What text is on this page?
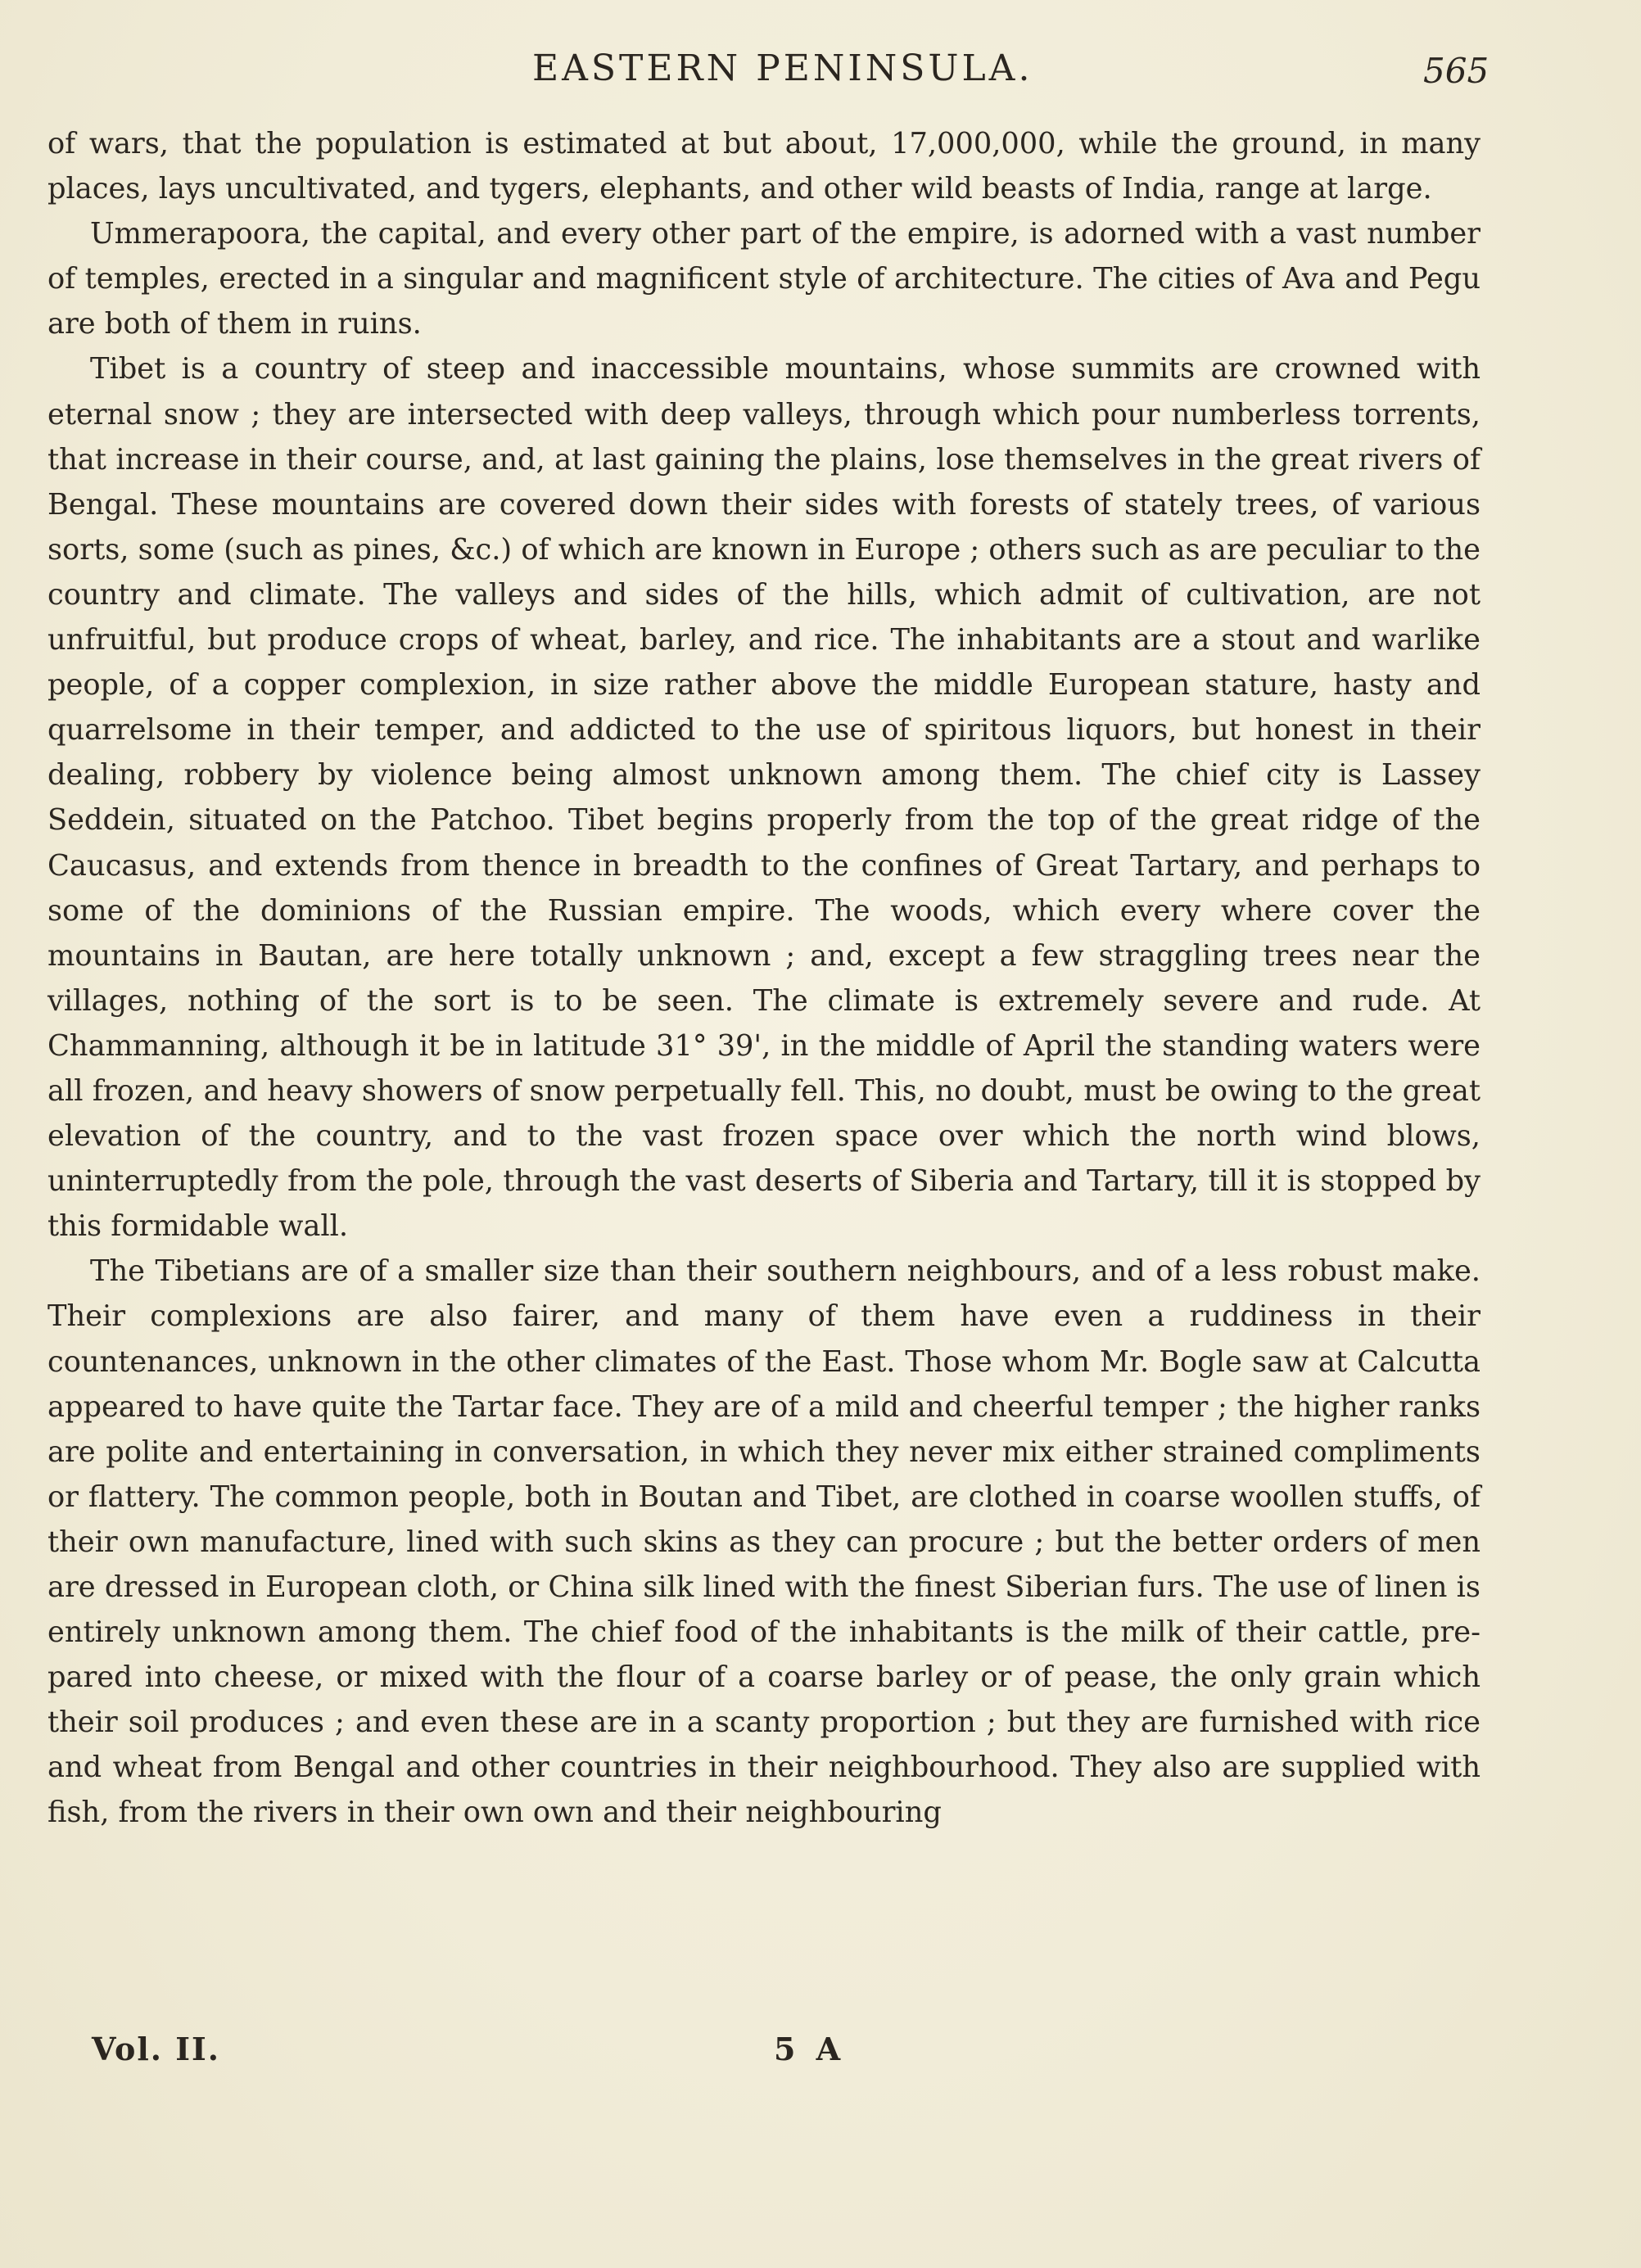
EASTERN PENINSULA.	565

of wars, that the population is estimated at but about, 17,000,000, while the ground, in many places, lays uncultivated, and tygers, elephants, and other wild beasts of India, range at large.

Ummerapoora, the capital, and every other part of the empire, is adorned with a vast number of temples, erected in a singular and magnificent style of architecture. The cities of Ava and Pegu are both of them in ruins.

Tibet is a country of steep and inaccessible mountains, whose summits are crowned with eternal snow ; they are intersected with deep valleys, through which pour numberless torrents, that increase in their course, and, at last gaining the plains, lose themselves in the great rivers of Bengal. These mountains are covered down their sides with forests of stately trees, of various sorts, some (such as pines, &c.) of which are known in Europe ; others such as are peculiar to the country and climate. The valleys and sides of the hills, which admit of cultivation, are not unfruitful, but produce crops of wheat, barley, and rice. The inhabitants are a stout and warlike people, of a copper complexion, in size rather above the middle European stature, hasty and quarrelsome in their temper, and addicted to the use of spiritous liquors, but honest in their dealing, robbery by violence being almost unknown among them. The chief city is Lassey Seddein, situated on the Patchoo. Tibet begins properly from the top of the great ridge of the Caucasus, and extends from thence in breadth to the confines of Great Tartary, and perhaps to some of the dominions of the Russian empire. The woods, which every where cover the mountains in Bautan, are here totally unknown ; and, except a few straggling trees near the villages, nothing of the sort is to be seen. The climate is extremely severe and rude. At Chammanning, although it be in latitude 31° 39', in the middle of April the standing waters were all frozen, and heavy showers of snow perpetually fell. This, no doubt, must be owing to the great elevation of the country, and to the vast frozen space over which the north wind blows, uninterruptedly from the pole, through the vast deserts of Siberia and Tartary, till it is stopped by this formidable wall.

The Tibetians are of a smaller size than their southern neighbours, and of a less robust make. Their complexions are also fairer, and many of them have even a ruddiness in their countenances, unknown in the other climates of the East. Those whom Mr. Bogle saw at Calcutta appeared to have quite the Tartar face. They are of a mild and cheerful temper ; the higher ranks are polite and entertaining in conversation, in which they never mix either strained compliments or flattery. The common people, both in Boutan and Tibet, are clothed in coarse woollen stuffs, of their own manufacture, lined with such skins as they can procure ; but the better orders of men are dressed in European cloth, or China silk lined with the finest Siberian furs. The use of linen is entirely unknown among them. The chief food of the inhabitants is the milk of their cattle, prepared into cheese, or mixed with the flour of a coarse barley or of pease, the only grain which their soil produces ; and even these are in a scanty proportion ; but they are furnished with rice and wheat from Bengal and other countries in their neighbourhood. They also are supplied with fish, from the rivers in their own own and their neighbouring

Vol. II.	5 A
